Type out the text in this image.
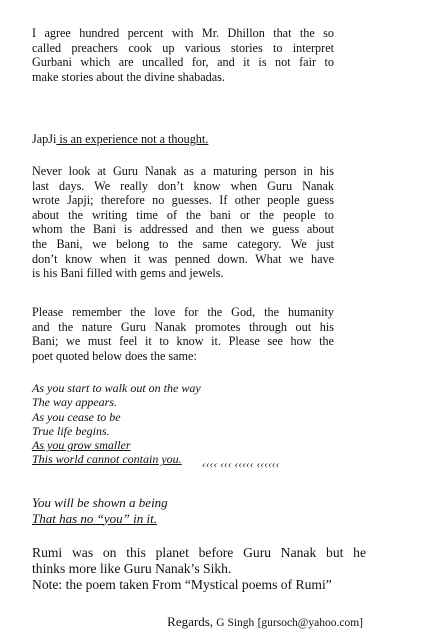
I agree hundred percent with Mr. Dhillon that the so
called preachers cook up various stories to interpret
Gurbani which are uncalled for, and it is not fair to
make stories about the divine shabadas.

JapJi is an experience not a thought.

Never look at Guru Nanak as a maturing person in his
last days. We really don’t know when Guru Nanak
wrote Japji; therefore no guesses. If other people guess
about the writing time of the bani or the people to
whom the Bani is addressed and then we guess about
the Bani, we belong to the same category. We just
don’t know when it was penned down. What we have
is his Bani filled with gems and jewels.

Please remember the love for the God, the humanity
and the nature Guru Nanak promotes through out his
Bani; we must feel it to know it. Please see how the
poet quoted below does the same:

As you start to walk out on the way
The way appears.
As you cease to be
True life begins.
As you grow smaller
This world cannot contain you.	‹‹‹‹ ‹‹‹ ‹‹‹‹‹ ‹‹‹‹‹‹

You will be shown a being
That has no “you” in it.

Rumi was on this planet before Guru Nanak but he
thinks more like Guru Nanak’s Sikh.
Note: the poem taken From “Mystical poems of Rumi”

Regards, G Singh [gursoch@yahoo.com]
